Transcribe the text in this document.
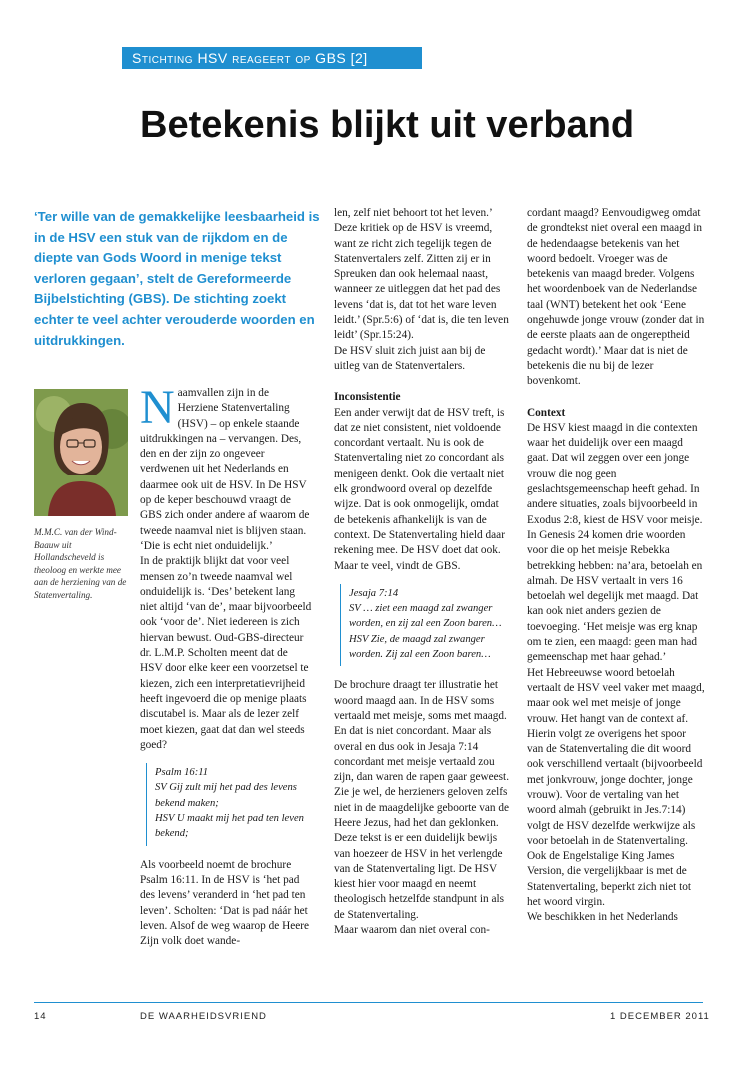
Stichting HSV reageert op GBS [2]
Betekenis blijkt uit verband

‘Ter wille van de gemakkelijke leesbaarheid is in de HSV een stuk van de rijkdom en de diepte van Gods Woord in menige tekst verloren gegaan’, stelt de Gereformeerde Bijbelstichting (GBS). De stichting zoekt echter te veel achter verouderde woorden en uitdrukkingen.

M.M.C. van der Wind-Baauw uit Hollandscheveld is theoloog en werkte mee aan de herziening van de Statenvertaling.

Naamvallen zijn in de Herziene Statenvertaling (HSV) – op enkele staande uitdrukkingen na – vervangen. Des, den en der zijn zo ongeveer verdwenen uit het Nederlands en daarmee ook uit de HSV. In De HSV op de keper beschouwd vraagt de GBS zich onder andere af waarom de tweede naamval niet is blijven staan. ‘Die is echt niet onduidelijk.’

In de praktijk blijkt dat voor veel mensen zo’n tweede naamval wel onduidelijk is. ‘Des’ betekent lang niet altijd ‘van de’, maar bijvoorbeeld ook ‘voor de’. Niet iedereen is zich hiervan bewust. Oud-GBS-directeur dr. L.M.P. Scholten meent dat de HSV door elke keer een voorzetsel te kiezen, zich een interpretatievrijheid heeft ingevoerd die op menige plaats discutabel is. Maar als de lezer zelf moet kiezen, gaat dat dan wel steeds goed?

Psalm 16:11
SV Gij zult mij het pad des levens bekend maken;
HSV U maakt mij het pad ten leven bekend;

Als voorbeeld noemt de brochure Psalm 16:11. In de HSV is ‘het pad des levens’ veranderd in ‘het pad ten leven’. Scholten: ‘Dat is pad náár het leven. Alsof de weg waarop de Heere Zijn volk doet wande-

len, zelf niet behoort tot het leven.’ Deze kritiek op de HSV is vreemd, want ze richt zich tegelijk tegen de Statenvertalers zelf. Zitten zij er in Spreuken dan ook helemaal naast, wanneer ze uitleggen dat het pad des levens ‘dat is, dat tot het ware leven leidt.’ (Spr.5:6) of ‘dat is, die ten leven leidt’ (Spr.15:24).

De HSV sluit zich juist aan bij de uitleg van de Statenvertalers.

Inconsistentie

Een ander verwijt dat de HSV treft, is dat ze niet consistent, niet voldoende concordant vertaalt. Nu is ook de Statenvertaling niet zo concordant als menigeen denkt. Ook die vertaalt niet elk grondwoord overal op dezelfde wijze. Dat is ook onmogelijk, omdat de betekenis afhankelijk is van de context. De Statenvertaling hield daar rekening mee. De HSV doet dat ook. Maar te veel, vindt de GBS.

Jesaja 7:14
SV … ziet een maagd zal zwanger worden, en zij zal een Zoon baren…
HSV Zie, de maagd zal zwanger worden. Zij zal een Zoon baren…

De brochure draagt ter illustratie het woord maagd aan. In de HSV soms vertaald met meisje, soms met maagd. En dat is niet concordant. Maar als overal en dus ook in Jesaja 7:14 concordant met meisje vertaald zou zijn, dan waren de rapen gaar geweest. Zie je wel, de herzieners geloven zelfs niet in de maagdelijke geboorte van de Heere Jezus, had het dan geklonken.

Deze tekst is er een duidelijk bewijs van hoezeer de HSV in het verlengde van de Statenvertaling ligt. De HSV kiest hier voor maagd en neemt theologisch hetzelfde standpunt in als de Statenvertaling.

Maar waarom dan niet overal con-

cordant maagd? Eenvoudigweg omdat de grondtekst niet overal een maagd in de hedendaagse betekenis van het woord bedoelt. Vroeger was de betekenis van maagd breder. Volgens het woordenboek van de Nederlandse taal (WNT) betekent het ook ‘Eene ongehuwde jonge vrouw (zonder dat in de eerste plaats aan de ongereptheid gedacht wordt).’ Maar dat is niet de betekenis die nu bij de lezer bovenkomt.

Context

De HSV kiest maagd in die contexten waar het duidelijk over een maagd gaat. Dat wil zeggen over een jonge vrouw die nog geen geslachtsgemeenschap heeft gehad. In andere situaties, zoals bijvoorbeeld in Exodus 2:8, kiest de HSV voor meisje.

In Genesis 24 komen drie woorden voor die op het meisje Rebekka betrekking hebben: na’ara, betoelah en almah. De HSV vertaalt in vers 16 betoelah wel degelijk met maagd. Dat kan ook niet anders gezien de toevoeging. ‘Het meisje was erg knap om te zien, een maagd: geen man had gemeenschap met haar gehad.’

Het Hebreeuwse woord betoelah vertaalt de HSV veel vaker met maagd, maar ook wel met meisje of jonge vrouw. Het hangt van de context af. Hierin volgt ze overigens het spoor van de Statenvertaling die dit woord ook verschillend vertaalt (bijvoorbeeld met jonkvrouw, jonge dochter, jonge vrouw). Voor de vertaling van het woord almah (gebruikt in Jes.7:14) volgt de HSV dezelfde werkwijze als voor betoelah in de Statenvertaling. Ook de Engelstalige King James Version, die vergelijkbaar is met de Statenvertaling, beperkt zich niet tot het woord virgin.

We beschikken in het Nederlands

14	DE WAARHEIDSVRIEND	1 DECEMBER 2011
